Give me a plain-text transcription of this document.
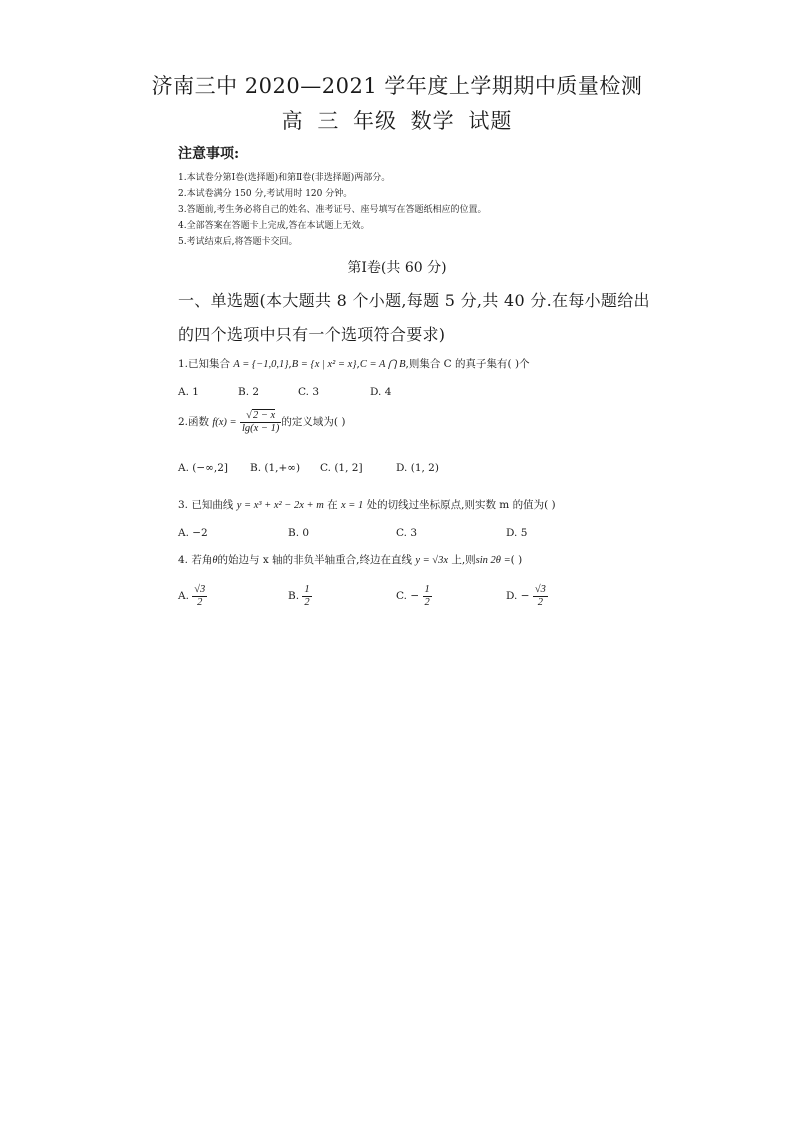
济南三中 2020—2021 学年度上学期期中质量检测
高 三 年级 数学 试题
注意事项:
1.本试卷分第Ⅰ卷(选择题)和第Ⅱ卷(非选择题)两部分。
2.本试卷满分 150 分,考试用时 120 分钟。
3.答题前,考生务必将自己的姓名、准考证号、座号填写在答题纸相应的位置。
4.全部答案在答题卡上完成,答在本试题上无效。
5.考试结束后,将答题卡交回。
第Ⅰ卷(共 60 分)
一、单选题(本大题共 8 个小题,每题 5 分,共 40 分.在每小题给出
的四个选项中只有一个选项符合要求)
1.已知集合 A = {−1,0,1},B = {x | x² = x},C = A ⋂ B,则集合 C 的真子集有( )个
A. 1	B. 2	C. 3	D. 4
2.函数 $f(x) = \frac{√2 - x}{\lg(x - 1)}$ 的定义域为( )
A. (−∞,2] B. (1,+∞) C. (1, 2]	D. (1, 2)
3. 已知曲线 y = x³ + x² − 2x + m 在 x = 1 处的切线过坐标原点,则实数 m 的值为( )
A. −2	B. 0	C. 3	D. 5
4. 若角θ的始边与 x 轴的非负半轴重合,终边在直线 y = √3x 上,则sin 2θ =( )
A. $\frac{√3}{2}$	B. $\frac{1}{2}$	C. − $\frac{1}{2}$	D. − $\frac{√3}{2}$
